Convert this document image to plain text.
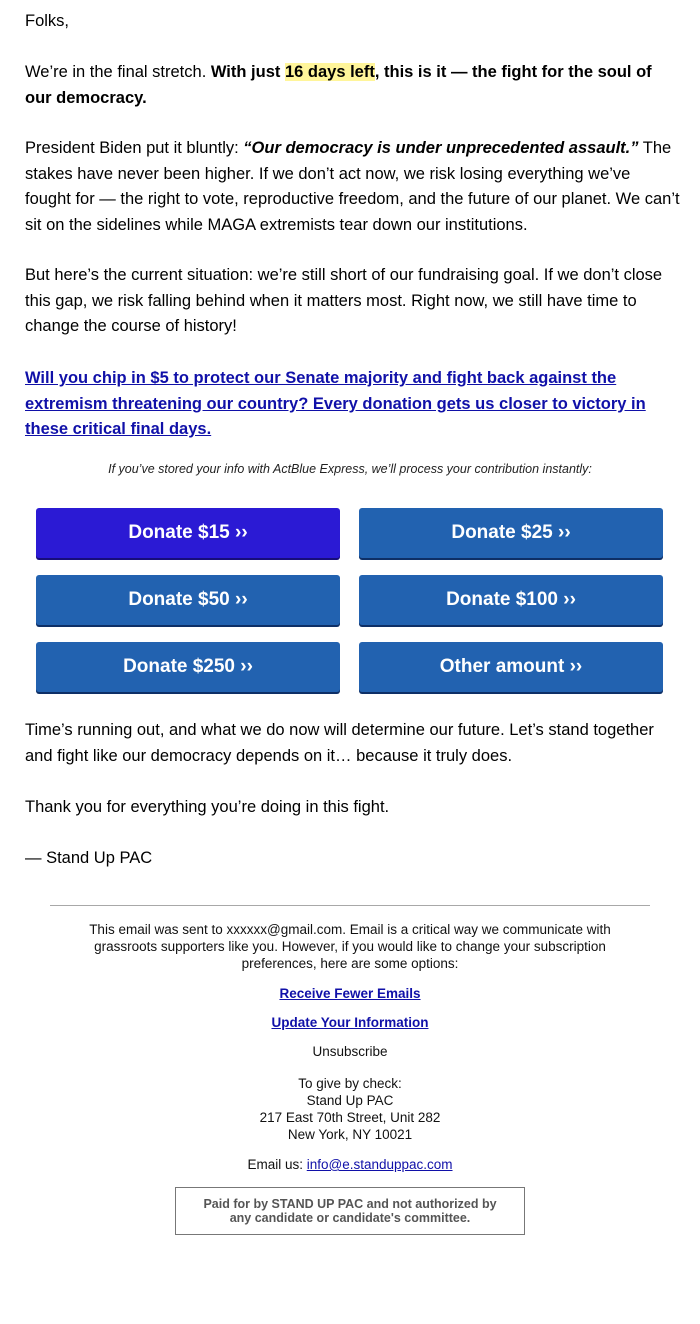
Folks,

We’re in the final stretch. With just 16 days left, this is it — the fight for the soul of our democracy.

President Biden put it bluntly: “Our democracy is under unprecedented assault.” The stakes have never been higher. If we don’t act now, we risk losing everything we’ve fought for — the right to vote, reproductive freedom, and the future of our planet. We can’t sit on the sidelines while MAGA extremists tear down our institutions.

But here’s the current situation: we’re still short of our fundraising goal. If we don’t close this gap, we risk falling behind when it matters most. Right now, we still have time to change the course of history!

Will you chip in $5 to protect our Senate majority and fight back against the extremism threatening our country? Every donation gets us closer to victory in these critical final days.

If you’ve stored your info with ActBlue Express, we’ll process your contribution instantly:

Donate $15 ››	Donate $25 ››
Donate $50 ››	Donate $100 ››
Donate $250 ››	Other amount ››

Time’s running out, and what we do now will determine our future. Let’s stand together and fight like our democracy depends on it… because it truly does.

Thank you for everything you’re doing in this fight.

— Stand Up PAC

This email was sent to xxxxxx@gmail.com. Email is a critical way we communicate with grassroots supporters like you. However, if you would like to change your subscription preferences, here are some options:

Receive Fewer Emails

Update Your Information

Unsubscribe

To give by check:
Stand Up PAC
217 East 70th Street, Unit 282
New York, NY 10021

Email us: info@e.standuppac.com

Paid for by STAND UP PAC and not authorized by any candidate or candidate's committee.
